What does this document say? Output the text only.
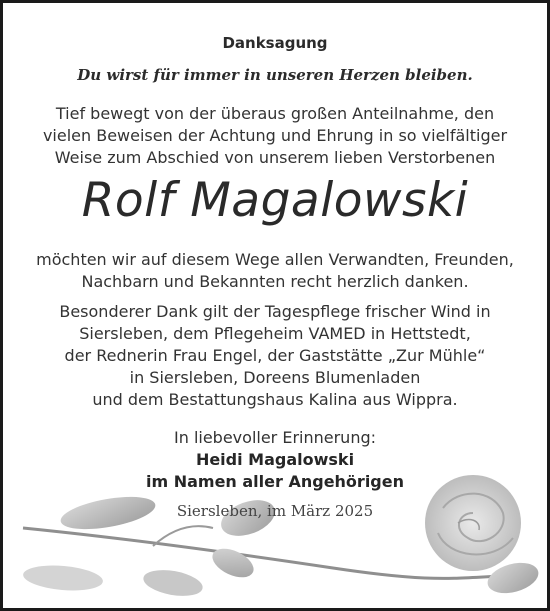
Danksagung
Du wirst für immer in unseren Herzen bleiben.
Tief bewegt von der überaus großen Anteilnahme, den
vielen Beweisen der Achtung und Ehrung in so vielfältiger
Weise zum Abschied von unserem lieben Verstorbenen
Rolf Magalowski
möchten wir auf diesem Wege allen Verwandten, Freunden,
Nachbarn und Bekannten recht herzlich danken.
Besonderer Dank gilt der Tagespflege frischer Wind in
Siersleben, dem Pflegeheim VAMED in Hettstedt,
der Rednerin Frau Engel, der Gaststätte „Zur Mühle“
in Siersleben, Doreens Blumenladen
und dem Bestattungshaus Kalina aus Wippra.
In liebevoller Erinnerung:
Heidi Magalowski
im Namen aller Angehörigen
Siersleben, im März 2025
